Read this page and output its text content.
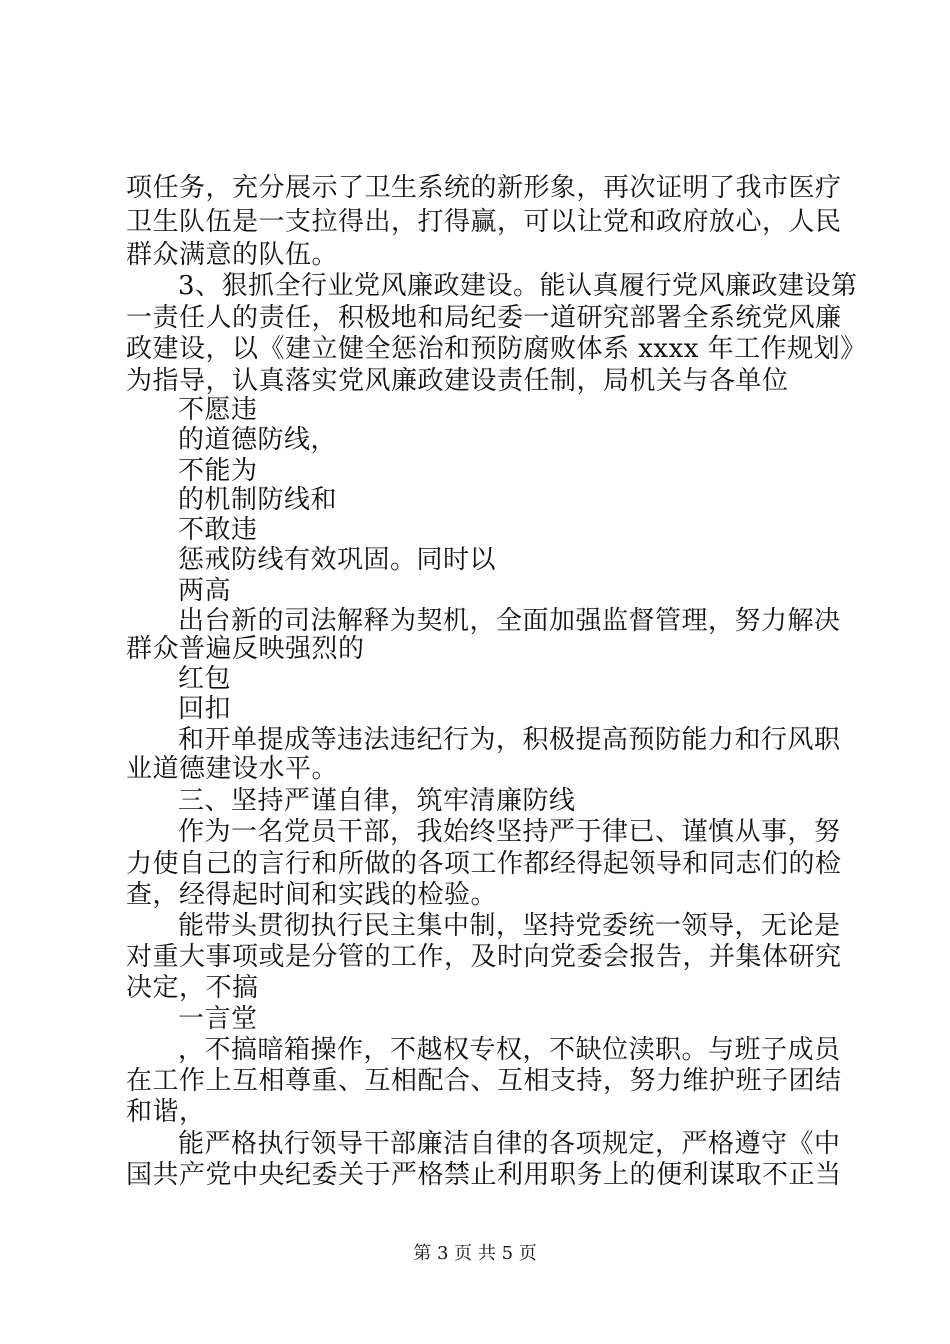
项任务，充分展示了卫生系统的新形象，再次证明了我市医疗

卫生队伍是一支拉得出，打得赢，可以让党和政府放心，人民

群众满意的队伍。

3、狠抓全行业党风廉政建设。能认真履行党风廉政建设第

一责任人的责任，积极地和局纪委一道研究部署全系统党风廉

政建设，以《建立健全惩治和预防腐败体系 xxxx 年工作规划》

为指导，认真落实党风廉政建设责任制，局机关与各单位

不愿违

的道德防线，

不能为

的机制防线和

不敢违

惩戒防线有效巩固。同时以

两高

出台新的司法解释为契机，全面加强监督管理，努力解决

群众普遍反映强烈的

红包

回扣

和开单提成等违法违纪行为，积极提高预防能力和行风职

业道德建设水平。

三、坚持严谨自律，筑牢清廉防线

作为一名党员干部，我始终坚持严于律已、谨慎从事，努

力使自己的言行和所做的各项工作都经得起领导和同志们的检

查，经得起时间和实践的检验。

能带头贯彻执行民主集中制，坚持党委统一领导，无论是

对重大事项或是分管的工作，及时向党委会报告，并集体研究

决定，不搞

一言堂

，不搞暗箱操作，不越权专权，不缺位渎职。与班子成员

在工作上互相尊重、互相配合、互相支持，努力维护班子团结

和谐，

能严格执行领导干部廉洁自律的各项规定，严格遵守《中

国共产党中央纪委关于严格禁止利用职务上的便利谋取不正当

第 3 页 共 5 页
